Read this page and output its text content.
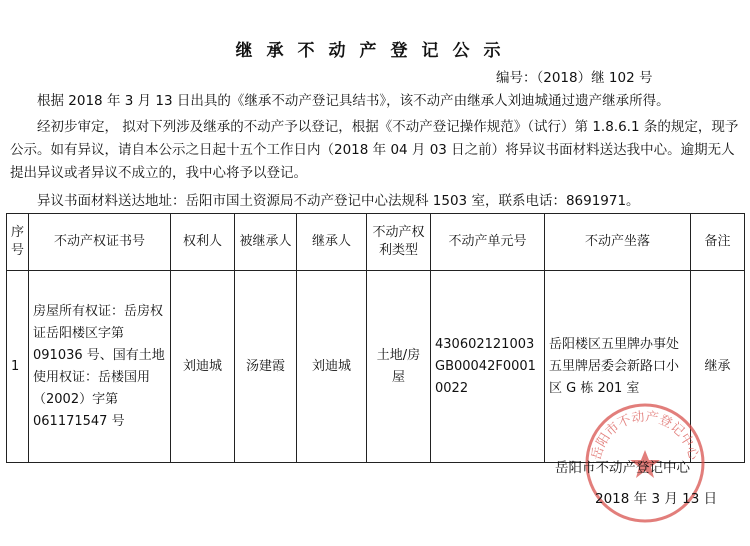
继承不动产登记公示
编号：（2018）继 102 号

根据 2018 年 3 月 13 日出具的《继承不动产登记具结书》，该不动产由继承人刘迪城通过遗产继承所得。

经初步审定， 拟对下列涉及继承的不动产予以登记，根据《不动产登记操作规范》（试行）第 1.8.6.1 条的规定，现予公示。如有异议，请自本公示之日起十五个工作日内（2018 年 04 月 03 日之前）将异议书面材料送达我中心。逾期无人提出异议或者异议不成立的，我中心将予以登记。

异议书面材料送达地址：岳阳市国土资源局不动产登记中心法规科 1503 室，联系电话：8691971。

序号	不动产权证书号	权利人	被继承人	继承人	不动产权利类型	不动产单元号	不动产坐落	备注
1	房屋所有权证：岳房权证岳阳楼区字第 091036 号、国有土地使用权证：岳楼国用（2002）字第 061171547 号	刘迪城	汤建霞	刘迪城	土地/房屋	430602121003GB00042F00010022	岳阳楼区五里牌办事处五里牌居委会新路口小区 G 栋 201 室	继承
岳阳市不动产登记中心
岳阳市不动产登记中心
2018 年 3 月 13 日
